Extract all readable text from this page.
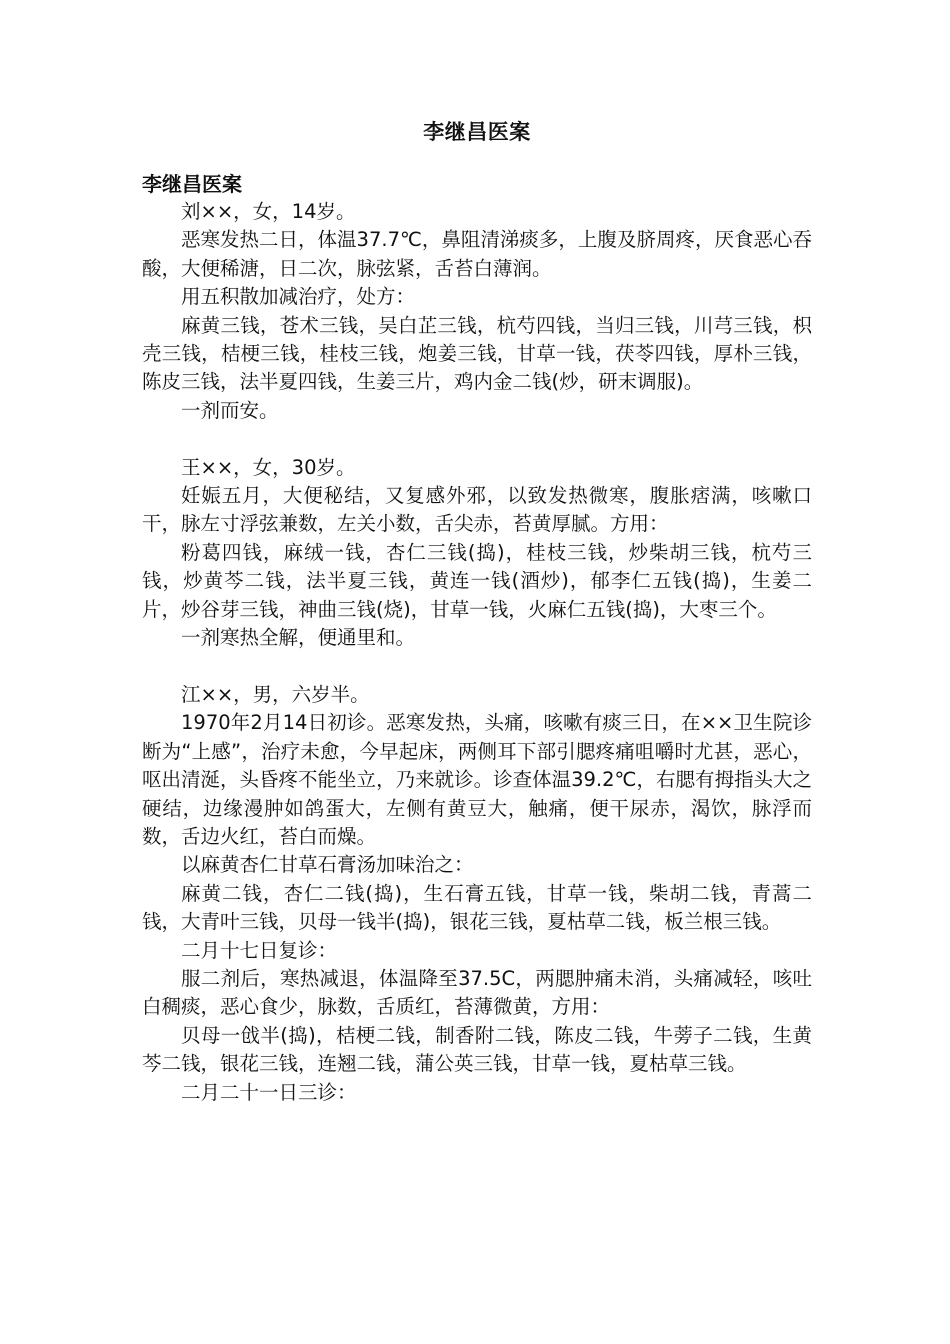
李继昌医案
李继昌医案

刘××，女，14岁。

恶寒发热二日，体温37.7℃，鼻阻清涕痰多，上腹及脐周疼，厌食恶心吞酸，大便稀溏，日二次，脉弦紧，舌苔白薄润。

用五积散加减治疗，处方：

麻黄三钱，苍术三钱，吴白芷三钱，杭芍四钱，当归三钱，川芎三钱，枳壳三钱，桔梗三钱，桂枝三钱，炮姜三钱，甘草一钱，茯苓四钱，厚朴三钱，陈皮三钱，法半夏四钱，生姜三片，鸡内金二钱(炒，研末调服)。

一剂而安。

王××，女，30岁。

妊娠五月，大便秘结，又复感外邪，以致发热微寒，腹胀痞满，咳嗽口干，脉左寸浮弦兼数，左关小数，舌尖赤，苔黄厚腻。方用：

粉葛四钱，麻绒一钱，杏仁三钱(捣)，桂枝三钱，炒柴胡三钱，杭芍三钱，炒黄芩二钱，法半夏三钱，黄连一钱(酒炒)，郁李仁五钱(捣)，生姜二片，炒谷芽三钱，神曲三钱(烧)，甘草一钱，火麻仁五钱(捣)，大枣三个。

一剂寒热全解，便通里和。

江××，男，六岁半。

1970年2月14日初诊。恶寒发热，头痛，咳嗽有痰三日，在××卫生院诊断为“上感”，治疗未愈，今早起床，两侧耳下部引腮疼痛咀嚼时尤甚，恶心，呕出清涎，头昏疼不能坐立，乃来就诊。诊查体温39.2℃，右腮有拇指头大之硬结，边缘漫肿如鸽蛋大，左侧有黄豆大，触痛，便干尿赤，渴饮，脉浮而数，舌边火红，苔白而燥。

以麻黄杏仁甘草石膏汤加味治之：

麻黄二钱，杏仁二钱(捣)，生石膏五钱，甘草一钱，柴胡二钱，青蒿二钱，大青叶三钱，贝母一钱半(捣)，银花三钱，夏枯草二钱，板兰根三钱。

二月十七日复诊：

服二剂后，寒热减退，体温降至37.5C，两腮肿痛未消，头痛减轻，咳吐白稠痰，恶心食少，脉数，舌质红，苔薄微黄，方用：

贝母一戗半(捣)，桔梗二钱，制香附二钱，陈皮二钱，牛蒡子二钱，生黄芩二钱，银花三钱，连翘二钱，蒲公英三钱，甘草一钱，夏枯草三钱。

二月二十一日三诊：
